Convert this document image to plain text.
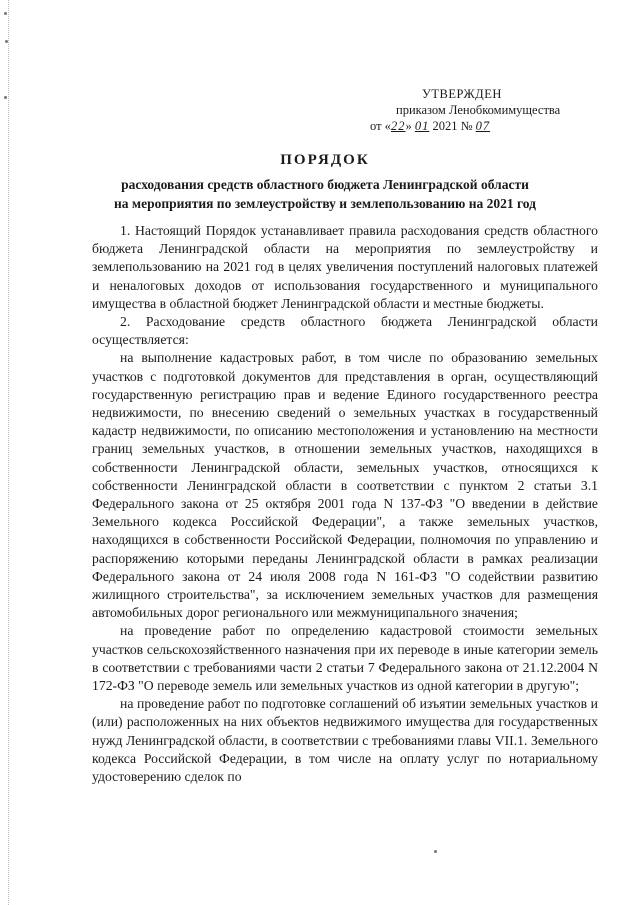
УТВЕРЖДЕН
приказом Ленобкомимущества
от «22» 01 2021 № 07
ПОРЯДОК
расходования средств областного бюджета Ленинградской области
на мероприятия по землеустройству и землепользованию на 2021 год

1. Настоящий Порядок устанавливает правила расходования средств областного бюджета Ленинградской области на мероприятия по землеустройству и землепользованию на 2021 год в целях увеличения поступлений налоговых платежей и неналоговых доходов от использования государственного и муниципального имущества в областной бюджет Ленинградской области и местные бюджеты.

2. Расходование средств областного бюджета Ленинградской области осуществляется:

на выполнение кадастровых работ, в том числе по образованию земельных участков с подготовкой документов для представления в орган, осуществляющий государственную регистрацию прав и ведение Единого государственного реестра недвижимости, по внесению сведений о земельных участках в государственный кадастр недвижимости, по описанию местоположения и установлению на местности границ земельных участков, в отношении земельных участков, находящихся в собственности Ленинградской области, земельных участков, относящихся к собственности Ленинградской области в соответствии с пунктом 2 статьи 3.1 Федерального закона от 25 октября 2001 года N 137-ФЗ "О введении в действие Земельного кодекса Российской Федерации", а также земельных участков, находящихся в собственности Российской Федерации, полномочия по управлению и распоряжению которыми переданы Ленинградской области в рамках реализации Федерального закона от 24 июля 2008 года N 161-ФЗ "О содействии развитию жилищного строительства", за исключением земельных участков для размещения автомобильных дорог регионального или межмуниципального значения;

на проведение работ по определению кадастровой стоимости земельных участков сельскохозяйственного назначения при их переводе в иные категории земель в соответствии с требованиями части 2 статьи 7 Федерального закона от 21.12.2004 N 172-ФЗ "О переводе земель или земельных участков из одной категории в другую";

на проведение работ по подготовке соглашений об изъятии земельных участков и (или) расположенных на них объектов недвижимого имущества для государственных нужд Ленинградской области, в соответствии с требованиями главы VII.1. Земельного кодекса Российской Федерации, в том числе на оплату услуг по нотариальному удостоверению сделок по
